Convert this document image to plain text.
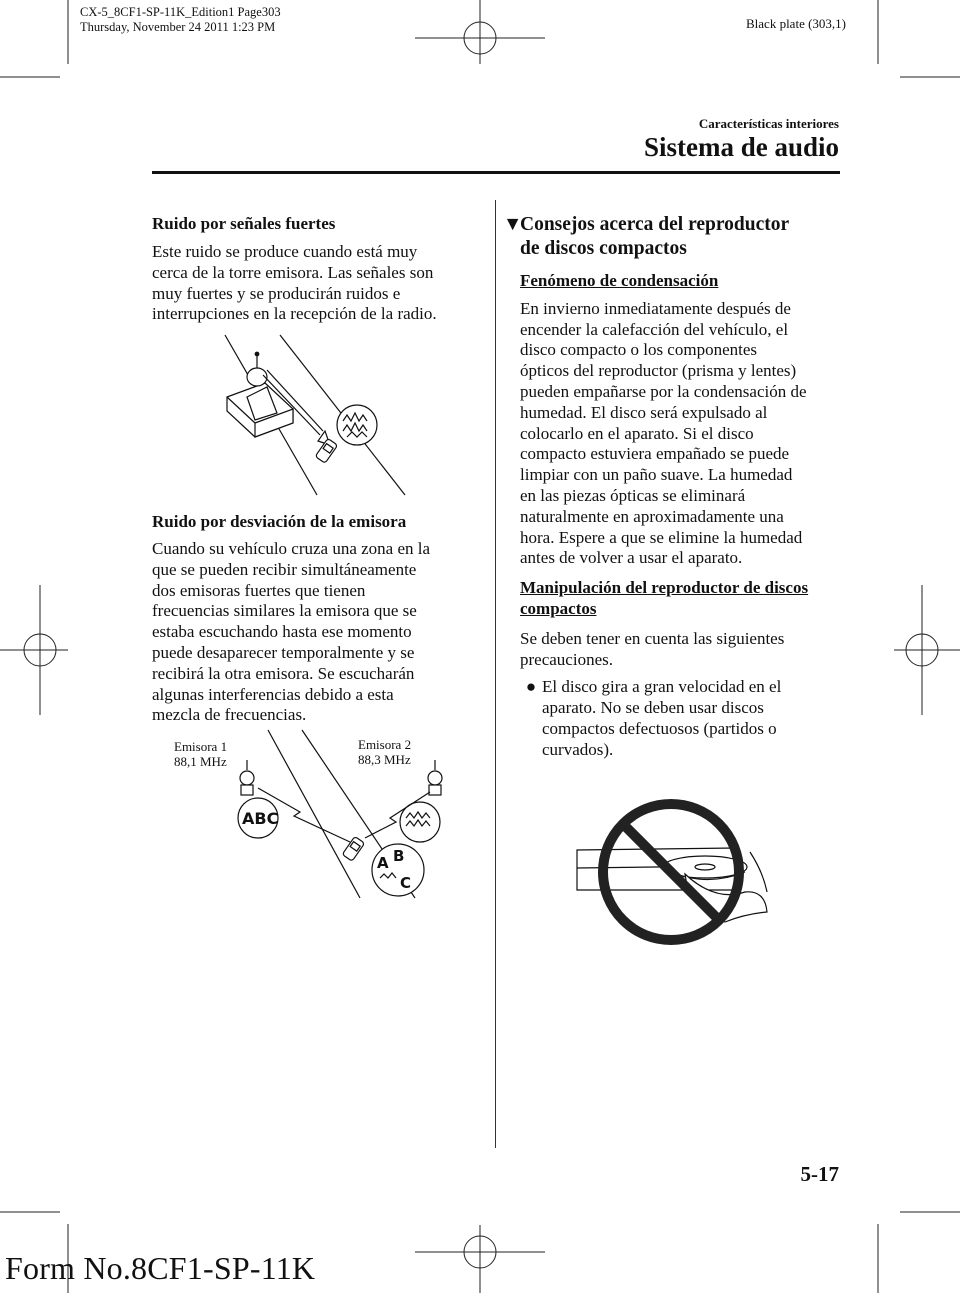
CX-5_8CF1-SP-11K_Edition1 Page303
Thursday, November 24 2011 1:23 PM	Black plate (303,1)
Características interiores
Sistema de audio

Ruido por señales fuertes

Este ruido se produce cuando está muy

cerca de la torre emisora. Las señales son

muy fuertes y se producirán ruidos e

interrupciones en la recepción de la radio.

Ruido por desviación de la emisora

Cuando su vehículo cruza una zona en la

que se pueden recibir simultáneamente

dos emisoras fuertes que tienen

frecuencias similares la emisora que se

estaba escuchando hasta ese momento

puede desaparecer temporalmente y se

recibirá la otra emisora. Se escucharán

algunas interferencias debido a esta

mezcla de frecuencias.

Emisora 1
88,1 MHz
Emisora 2
88,3 MHz
ABC
A B
C
▼

Consejos acerca del reproductor

de discos compactos

Fenómeno de condensación

En invierno inmediatamente después de

encender la calefacción del vehículo, el

disco compacto o los componentes

ópticos del reproductor (prisma y lentes)

pueden empañarse por la condensación de

humedad. El disco será expulsado al

colocarlo en el aparato. Si el disco

compacto estuviera empañado se puede

limpiar con un paño suave. La humedad

en las piezas ópticas se eliminará

naturalmente en aproximadamente una

hora. Espere a que se elimine la humedad

antes de volver a usar el aparato.

Manipulación del reproductor de discos

compactos

Se deben tener en cuenta las siguientes

precauciones.

● El disco gira a gran velocidad en el

aparato. No se deben usar discos

compactos defectuosos (partidos o

curvados).

5-17
Form No.8CF1-SP-11K
